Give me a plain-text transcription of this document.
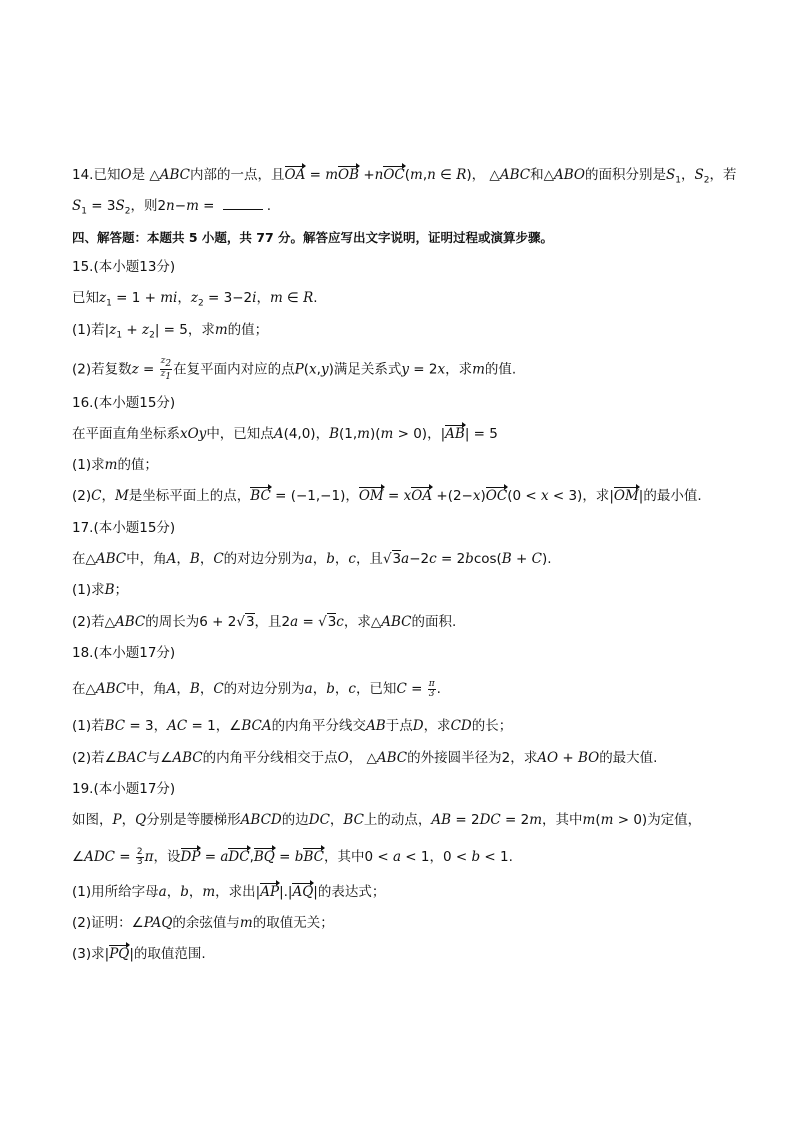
14.已知O是 △ABC内部的一点，且OA = mOB +nOC(m,n ∈ R)， △ABC和△ABO的面积分别是$S_1$，$S_2$，若
$S_1 = 3S_2$，则2n−m =	.
四、解答题：本题共 5 小题，共 77 分。解答应写出文字说明，证明过程或演算步骤。
15.(本小题13分)
已知$z_1 = 1$ + mi，$z_2 = 3-2i$，m ∈ R.
(1)若$|z_1 + z_2| = 5$，求m的值；
(2)若复数$z = \frac{z_2}{z_1}$ 在复平面内对应的点P(x,y)满足关系式y = 2x，求m的值.
16.(本小题15分)
在平面直角坐标系xOy中，已知点A(4,0)，B(1,m)(m > 0)，|AB| = 5
(1)求m的值；
(2)C，M是坐标平面上的点，BC = (−1,−1)，OM = xOA +(2−x)OC(0 < x < 3)，求|OM|的最小值.
17.(本小题15分)
在△ABC中，角A，B，C的对边分别为a，b，c，且√3a−2c = 2bcos(B + C).
(1)求B；
(2)若△ABC的周长为6 + 2√3，且2a = √3c，求△ABC的面积.
18.(本小题17分)
在△ABC中，角A，B，C的对边分别为a，b，c，已知$C = \frac{\pi}{3}$ .
(1)若BC = 3，AC = 1，∠BCA的内角平分线交AB于点D，求CD的长；
(2)若∠BAC与∠ABC的内角平分线相交于点O， △ABC的外接圆半径为2，求AO + BO的最大值.
19.(本小题17分)
如图，P，Q分别是等腰梯形ABCD的边DC，BC上的动点，AB = 2DC = 2m，其中m(m > 0)为定值，
∠ADC = $\frac{2}{3}$ π，设DP = aDC,BQ = bBC，其中0 < a < 1，0 < b < 1.
(1)用所给字母a，b，m，求出|AP|.|AQ|的表达式；
(2)证明：∠PAQ的余弦值与m的取值无关；
(3)求|PQ|的取值范围.
